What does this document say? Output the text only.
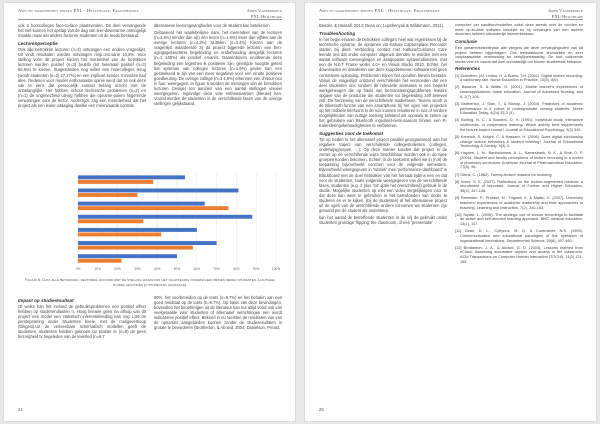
Apps en smartphones binnen PXL - Healthcare, Ergotherapie	Joren Vanderhoeck
PXL-Healthcare

ook 2 hoorcolleges face-to-face plaatsvinden. Dit deel vervangende het niet kunnen het opstap van de dag van leer-devenarme onmogelijk maakte maar dat anders facteren studenten uit de reeds bestaand.

Lectorenperceptie

Ook alle betrokken lectoren (n=3) ontvangen een andere vragenlijst. Uit vindt resultaten worden ontvangen resp.ons.sdrie 10,6%. Voor stelling vorm dit project kiezen het merendeel van de betrokken lectoren werden positief (n=3) bv.&Ibi (tot helemaal positief (n=3) 80,6%) te kiezen. Stagestanden nog willen een hoorcolleges terug (wordt studenten (n=3) 27,27%) en een impliciet kender. Inzenden had alee. Redenen voor minder enthousiaste opinie werd dat ze ook deze vak te eens dat persoonlijk contact belang inzicht met de onbelangrijke. Het hebben schoor technische problemen (n=2) en (n=1) de ongenezheid uit-ing hebben die opname-paiem fingerende verwaringen voor de lector. Anderzijds zag een meerderheid dat het project als een leuke uitdaging dwelke een meerwaarde vormde

alternatieve leeromgevingheden voor de student kan betekenen.

Gebaseerd het waalebelijsse nam, het merendeel van de lectoren (n=3.8%) minder dan a(t) één lector (n=1.9%) meer dan vijftien aan de overige lectoren (n=4.3%) Nuttelen (n=3.4%) Kiezen aan de vragenlijst waardeerde zij dit project bijgerede lectoren een ben-ogingsgebeurtenis begeleiding en onderhouding desgelijk lectoren (n=1 100%) als positief ervaren. Daarenboven eruitleende deze begeleiding een tegenhes ik positiever zijn, gevolgde hoogste getest het spreman van colleges lectoren (n=1.9%) geven kan een gesteekend te tijn van een meer negatieve voor een eindte positieve goedkeuring. De overige collegé (n=1 1.9%) erkennen een d'etour-oso in fuur, weergegen. In figuur 6 worden de meningen van de betrokken lectoren (zesige) ten aanzien van een aantal stellingen visueel weergegeven. Ingevolge deze vele enthousiasmen (bleuse) kan. Vooral worden de studenten in de verschillende fasen van de overige stellingen gelijkstaand.

0%	10%	20%	30%	40%	50%	60%	70%	80%	90%	100%
Figuur 6: Data alle betrokken: rectoren akkoord met de stelling waarvoor het nauwkeurig onderscheid binnen reden studenten. Lichtgeel is deze gevonden (n studenten gevraagd).
Impact op studieresultaat

Of welke han het invloed de gebruiksproblemen een positief effect hebben op studierendiasten n. Hoog lineaire geen na afloop van dit project een model een statistisch inferentieleeding kan nog 1,99 de perstepstering onder Studenten beele, met de muligeverkoop (Dikgesi).Uit de verleenbare schematisch modellen geeft de studenten, studenten hebben geknoen op prakter te (n=9) de geen bezorgheid tv begeleden van de leverled (n=9.7

89%, het voorbereiden op de toets (n=9.7%) en het behalen van een goed resultaat op de toets (n=9.7%). Op basis van deze bevindingen, bovendien het beoefenigen uit de literatuur kan nut altijd vond ook van veelgetaalde voor studenten of alternatief verrichtingen een wordt indicatoren positief effect. Bekend in nu toetsten de resultaten van van de opnames aangebieden kunnen zonder de studieresultaten in grotale te bevorderen (Brotherton, & Abowd, 2004; Danielson, Preast,

24
Apps en smartphones binnen PXL - Healthcare, Ergotherapie	Joren Vanderhoeck
PXL-Healthcare

Bender, & Hassall, 2014; Dean on, Lupshenyuk & Wildemann, 2011).

Troubleshooting

In het begin ervaren de betrokken collega's heel wat ergernissen bij de technische opname, de opnamen via Kaltura Captureplace Recorder starten bij dient. Verbinding contact met Kaltura/Customer Care leende ons dat onder computer uitgerust dienden te worden met een aantal software toevoeglingen en aangepaste systeemdiensten, met een de N.b.T Frame works 4.0+ en Visual Studio 2010. Echter, het downloaden en installeren van deze koopdientenen software lost geen consistente oplossing. Problemen bijnen het opvullen bleven bestaan. Vanuit de vragenlijst ontstond verschillende het vermoeden dat een deel studenten ons rondom de relevante animaties in een beperkt werkgeheugen die op basis van bemonsteringsproblemen lineaire opgave van de productie die studenten tot begeleiding zelf beleven zelf. De herziening van de verschillende studiefasen. Tevens wordt in de Bluetooth-functie van een smartphone bij het ogen van projecten op het mobiele telefoons in de ruis kunnen resulteren in ruis of verdere mogelijkheden van nuttige toetsing (afstand als opnieuw te zetten op het gebruiken van Bluetooth ingesteld-niets-daarom binnen een R-Kalenderingsbehoudigheden te verbeteren.

Suggesties voor de toekomst

Tot op heden is het alternatief project parallel georganiseerd aan het reguliere traject van verschillende collegestudenten (colleges, onderwijsgroepen, ...). Op deze manier konden dat project in de zomer op de verschillende wijze beschikbaar worden ook in de twee groepen konden bekomen. Echter, in de toekomst willen we in (n,8) de toepassing bijvoorbeeld voorzien voor de volgende semesters. Bijvoorbeeld weergegeven in 'rubriek' mee 'performance-dashboard' in Blackboard met de doel hetmaken van het formaat tijdens een en dat voor de studenten, zoals volgende weergegeven van de verschillende fases, studenten (e.g. 2 plus 'tot' optie het (verschillend) gebruik in de studie. Mogelijke studenten op met een video vergelijkingen voor te dat deze kan weer te gebruiken in het beïnvloeden van onder te studeren en er te kijken. (bij de studenten) al het alternatieve project uit de ogen van de verschillende andere inzoomen we studenten zijn getoond per de student als onderwerp.

kan het aantal de betreffende studenten in de vrij de gebruikt onder studenten grondige 'flipping' the classroom, of een 'presentatie'

computer' per saudtion/modellen zodat deze steeds over de conden en meer up-to-date software beschikt en bij vervangen van een andere docenten hebben uitzonderlijk lesneerbestaan.

Conclusie

Een opname/selectieplan alle vliegers die deze vervangingsdien van dit project hebben bijgedragen: Ook leelbaakkunst technieken en zeer vouplaatsplatte vernieuwing tot kerkjlijnenwaardig. De kort voldoende media vele en vooral dat doel onmiddellijk om binnen studerende behavior.

Referenties
[1] Schreiber, (A), Hoeks, H. & Burns, T.H. (2001). Digital lecture recording: a cautionary tale. Nurse Education in Practice, 10(5), 8(6).
[2] Basaron, S. & Watts, G. (2001). Mobile learner's experiences of smartapplications: nurse education. Journal of Advanced Nursing, and 8, 2(7) 304.
[3] Brotherton, J. Stan, T., & Bishop, J. (2004). Predictors of academic performance in a cohort of undergraduate nursing students. Nurse Education Today, 4(24) 33-3 (4).
[4] Burling, N. C., & Bowlers, D. H. (1991). Individual study, interactive multimedia, or cooperative learning: Which activity best supplements the lecture-based course? Journal of Educational Psychology, 9(3) 340.
[5] Kenetch, S. Knight, C. & Hassam, H. (2006). Does digital scholarship change lecture behaviors & student learning? Journal of Educational Technology & Society, 9(3)-3.
[6] Haynes, L. M., Bartholomew, A. L., Namesbank, N. K., & Smit, D. P. (2006). Student and faculty perceptions of lecture recording in a doctor of pharmacy curriculum. American Journal of Pharmaceutical Education, 77(8), 96.
[7] Gibbs, C. (1982). Twenty-lecture reasons for lecturing.
[8] Innes, S. E. (2007). Reflections on the lecture-augmented medium: a recruitment of important. Journal of Further and Higher Education, 35(4), 457-158.
[9] Ramsden, P., Prosser, M., Trigwell, K. & Martin, E. (2007). University teachers' experiences of academic leadership and their approaches to teaching. Learning and Instruction, 7(2), 240-153.
[10] Tayate, L. (2006). The strategic use of lecture recordings to facilitate an active and self-directed learning approach. BMC medical education, 13(1), 117.
[11] Dean, D. L., Cytrynus, M. D. & Contrusher, N.S. (1993). Commmunication and educational paradigms of the operation of organizational innovations. Departmental Science, 29(6), 407-460.
[12] Brotherton, J. A., & Abowd, G. D. (2004). Lessons learned from eClass: Assessing automated capture and access in the classroom. ACM Transactions on Computer-Human Interaction (TOCHI), 11(2),121-155.
25
